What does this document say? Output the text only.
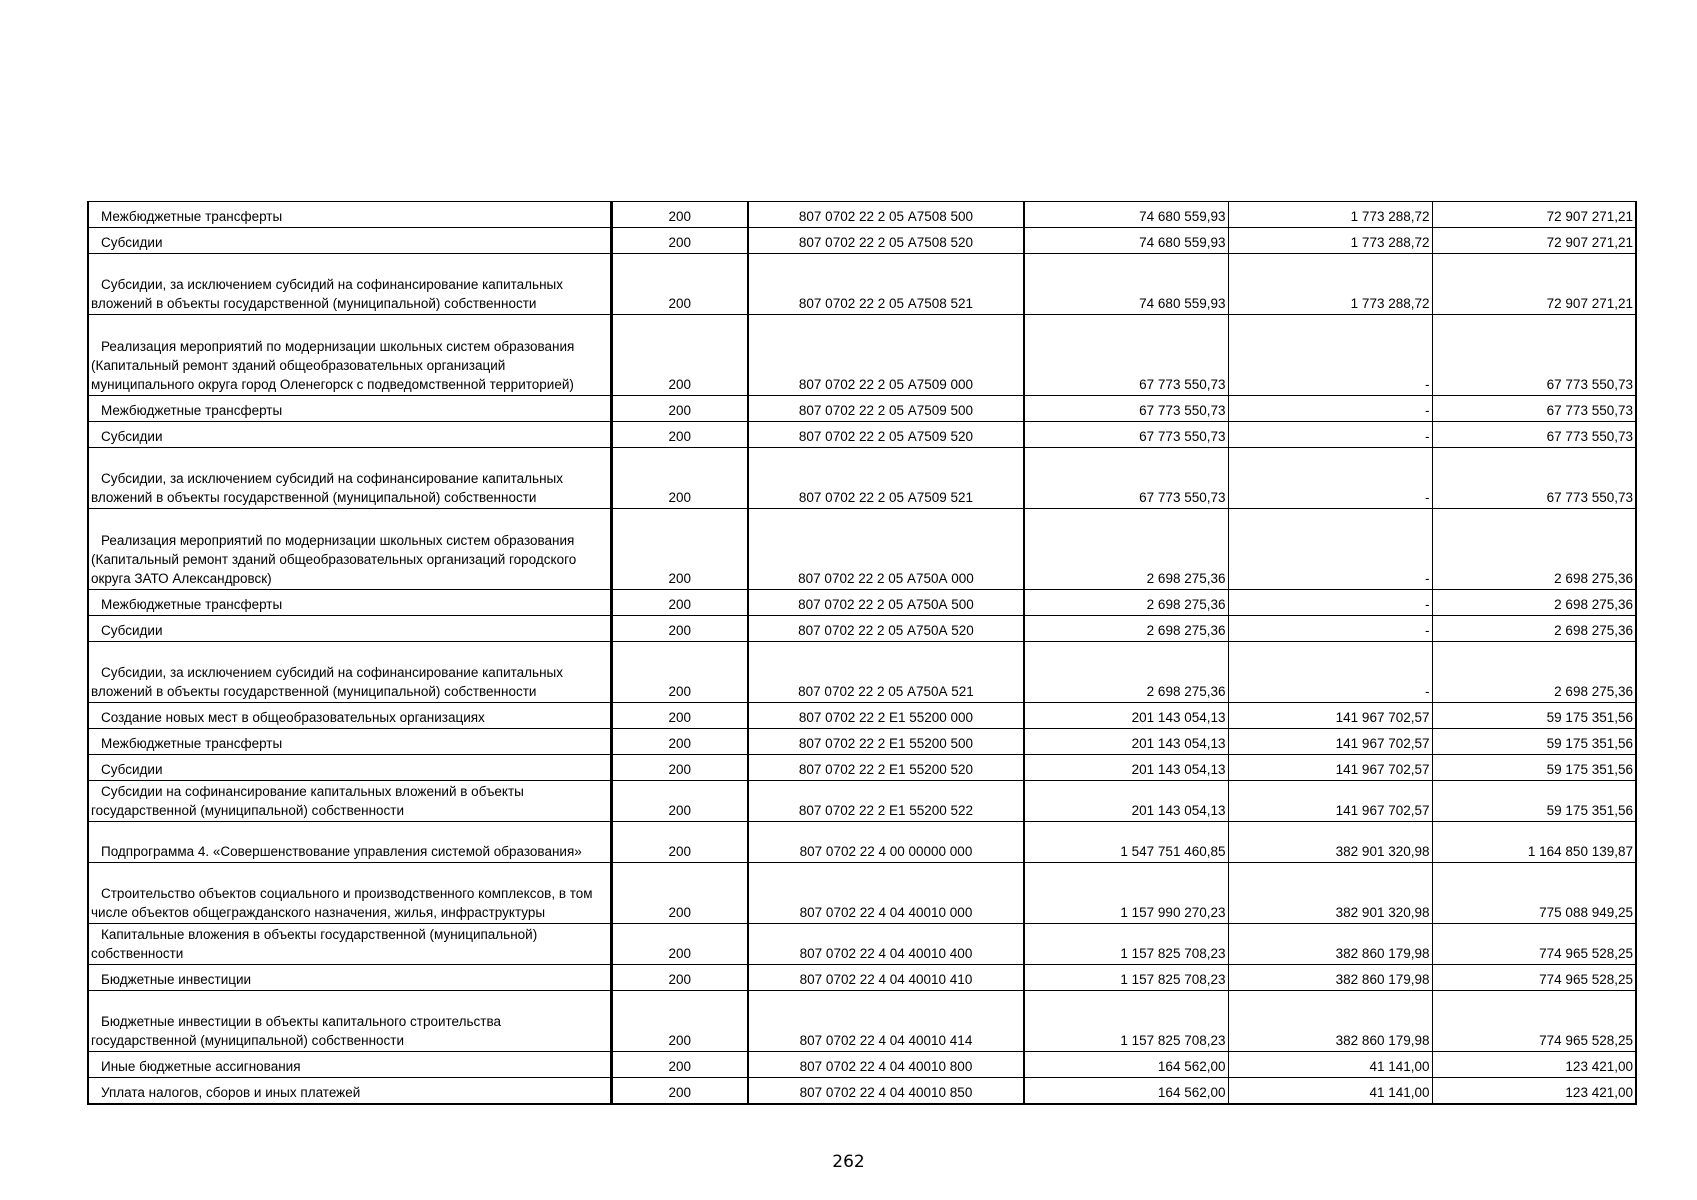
Межбюджетные трансферты	200	807 0702 22 2 05 А7508 500	74 680 559,93	1 773 288,72	72 907 271,21
Субсидии	200	807 0702 22 2 05 А7508 520	74 680 559,93	1 773 288,72	72 907 271,21
Субсидии, за исключением субсидий на софинансирование капитальных вложений в объекты государственной (муниципальной) собственности	200	807 0702 22 2 05 А7508 521	74 680 559,93	1 773 288,72	72 907 271,21
Реализация мероприятий по модернизации школьных систем образования (Капитальный ремонт зданий общеобразовательных организаций муниципального округа город Оленегорск с подведомственной территорией)	200	807 0702 22 2 05 А7509 000	67 773 550,73	-	67 773 550,73
Межбюджетные трансферты	200	807 0702 22 2 05 А7509 500	67 773 550,73	-	67 773 550,73
Субсидии	200	807 0702 22 2 05 А7509 520	67 773 550,73	-	67 773 550,73
Субсидии, за исключением субсидий на софинансирование капитальных вложений в объекты государственной (муниципальной) собственности	200	807 0702 22 2 05 А7509 521	67 773 550,73	-	67 773 550,73
Реализация мероприятий по модернизации школьных систем образования (Капитальный ремонт зданий общеобразовательных организаций городского округа ЗАТО Александровск)	200	807 0702 22 2 05 А750А 000	2 698 275,36	-	2 698 275,36
Межбюджетные трансферты	200	807 0702 22 2 05 А750А 500	2 698 275,36	-	2 698 275,36
Субсидии	200	807 0702 22 2 05 А750А 520	2 698 275,36	-	2 698 275,36
Субсидии, за исключением субсидий на софинансирование капитальных вложений в объекты государственной (муниципальной) собственности	200	807 0702 22 2 05 А750А 521	2 698 275,36	-	2 698 275,36
Создание новых мест в общеобразовательных организациях	200	807 0702 22 2 E1 55200 000	201 143 054,13	141 967 702,57	59 175 351,56
Межбюджетные трансферты	200	807 0702 22 2 E1 55200 500	201 143 054,13	141 967 702,57	59 175 351,56
Субсидии	200	807 0702 22 2 E1 55200 520	201 143 054,13	141 967 702,57	59 175 351,56
Субсидии на софинансирование капитальных вложений в объекты государственной (муниципальной) собственности	200	807 0702 22 2 E1 55200 522	201 143 054,13	141 967 702,57	59 175 351,56
Подпрограмма 4. «Совершенствование управления системой образования»	200	807 0702 22 4 00 00000 000	1 547 751 460,85	382 901 320,98	1 164 850 139,87
Строительство объектов социального и производственного комплексов, в том числе объектов общегражданского назначения, жилья, инфраструктуры	200	807 0702 22 4 04 40010 000	1 157 990 270,23	382 901 320,98	775 088 949,25
Капитальные вложения в объекты государственной (муниципальной) собственности	200	807 0702 22 4 04 40010 400	1 157 825 708,23	382 860 179,98	774 965 528,25
Бюджетные инвестиции	200	807 0702 22 4 04 40010 410	1 157 825 708,23	382 860 179,98	774 965 528,25
Бюджетные инвестиции в объекты капитального строительства государственной (муниципальной) собственности	200	807 0702 22 4 04 40010 414	1 157 825 708,23	382 860 179,98	774 965 528,25
Иные бюджетные ассигнования	200	807 0702 22 4 04 40010 800	164 562,00	41 141,00	123 421,00
Уплата налогов, сборов и иных платежей	200	807 0702 22 4 04 40010 850	164 562,00	41 141,00	123 421,00
262
